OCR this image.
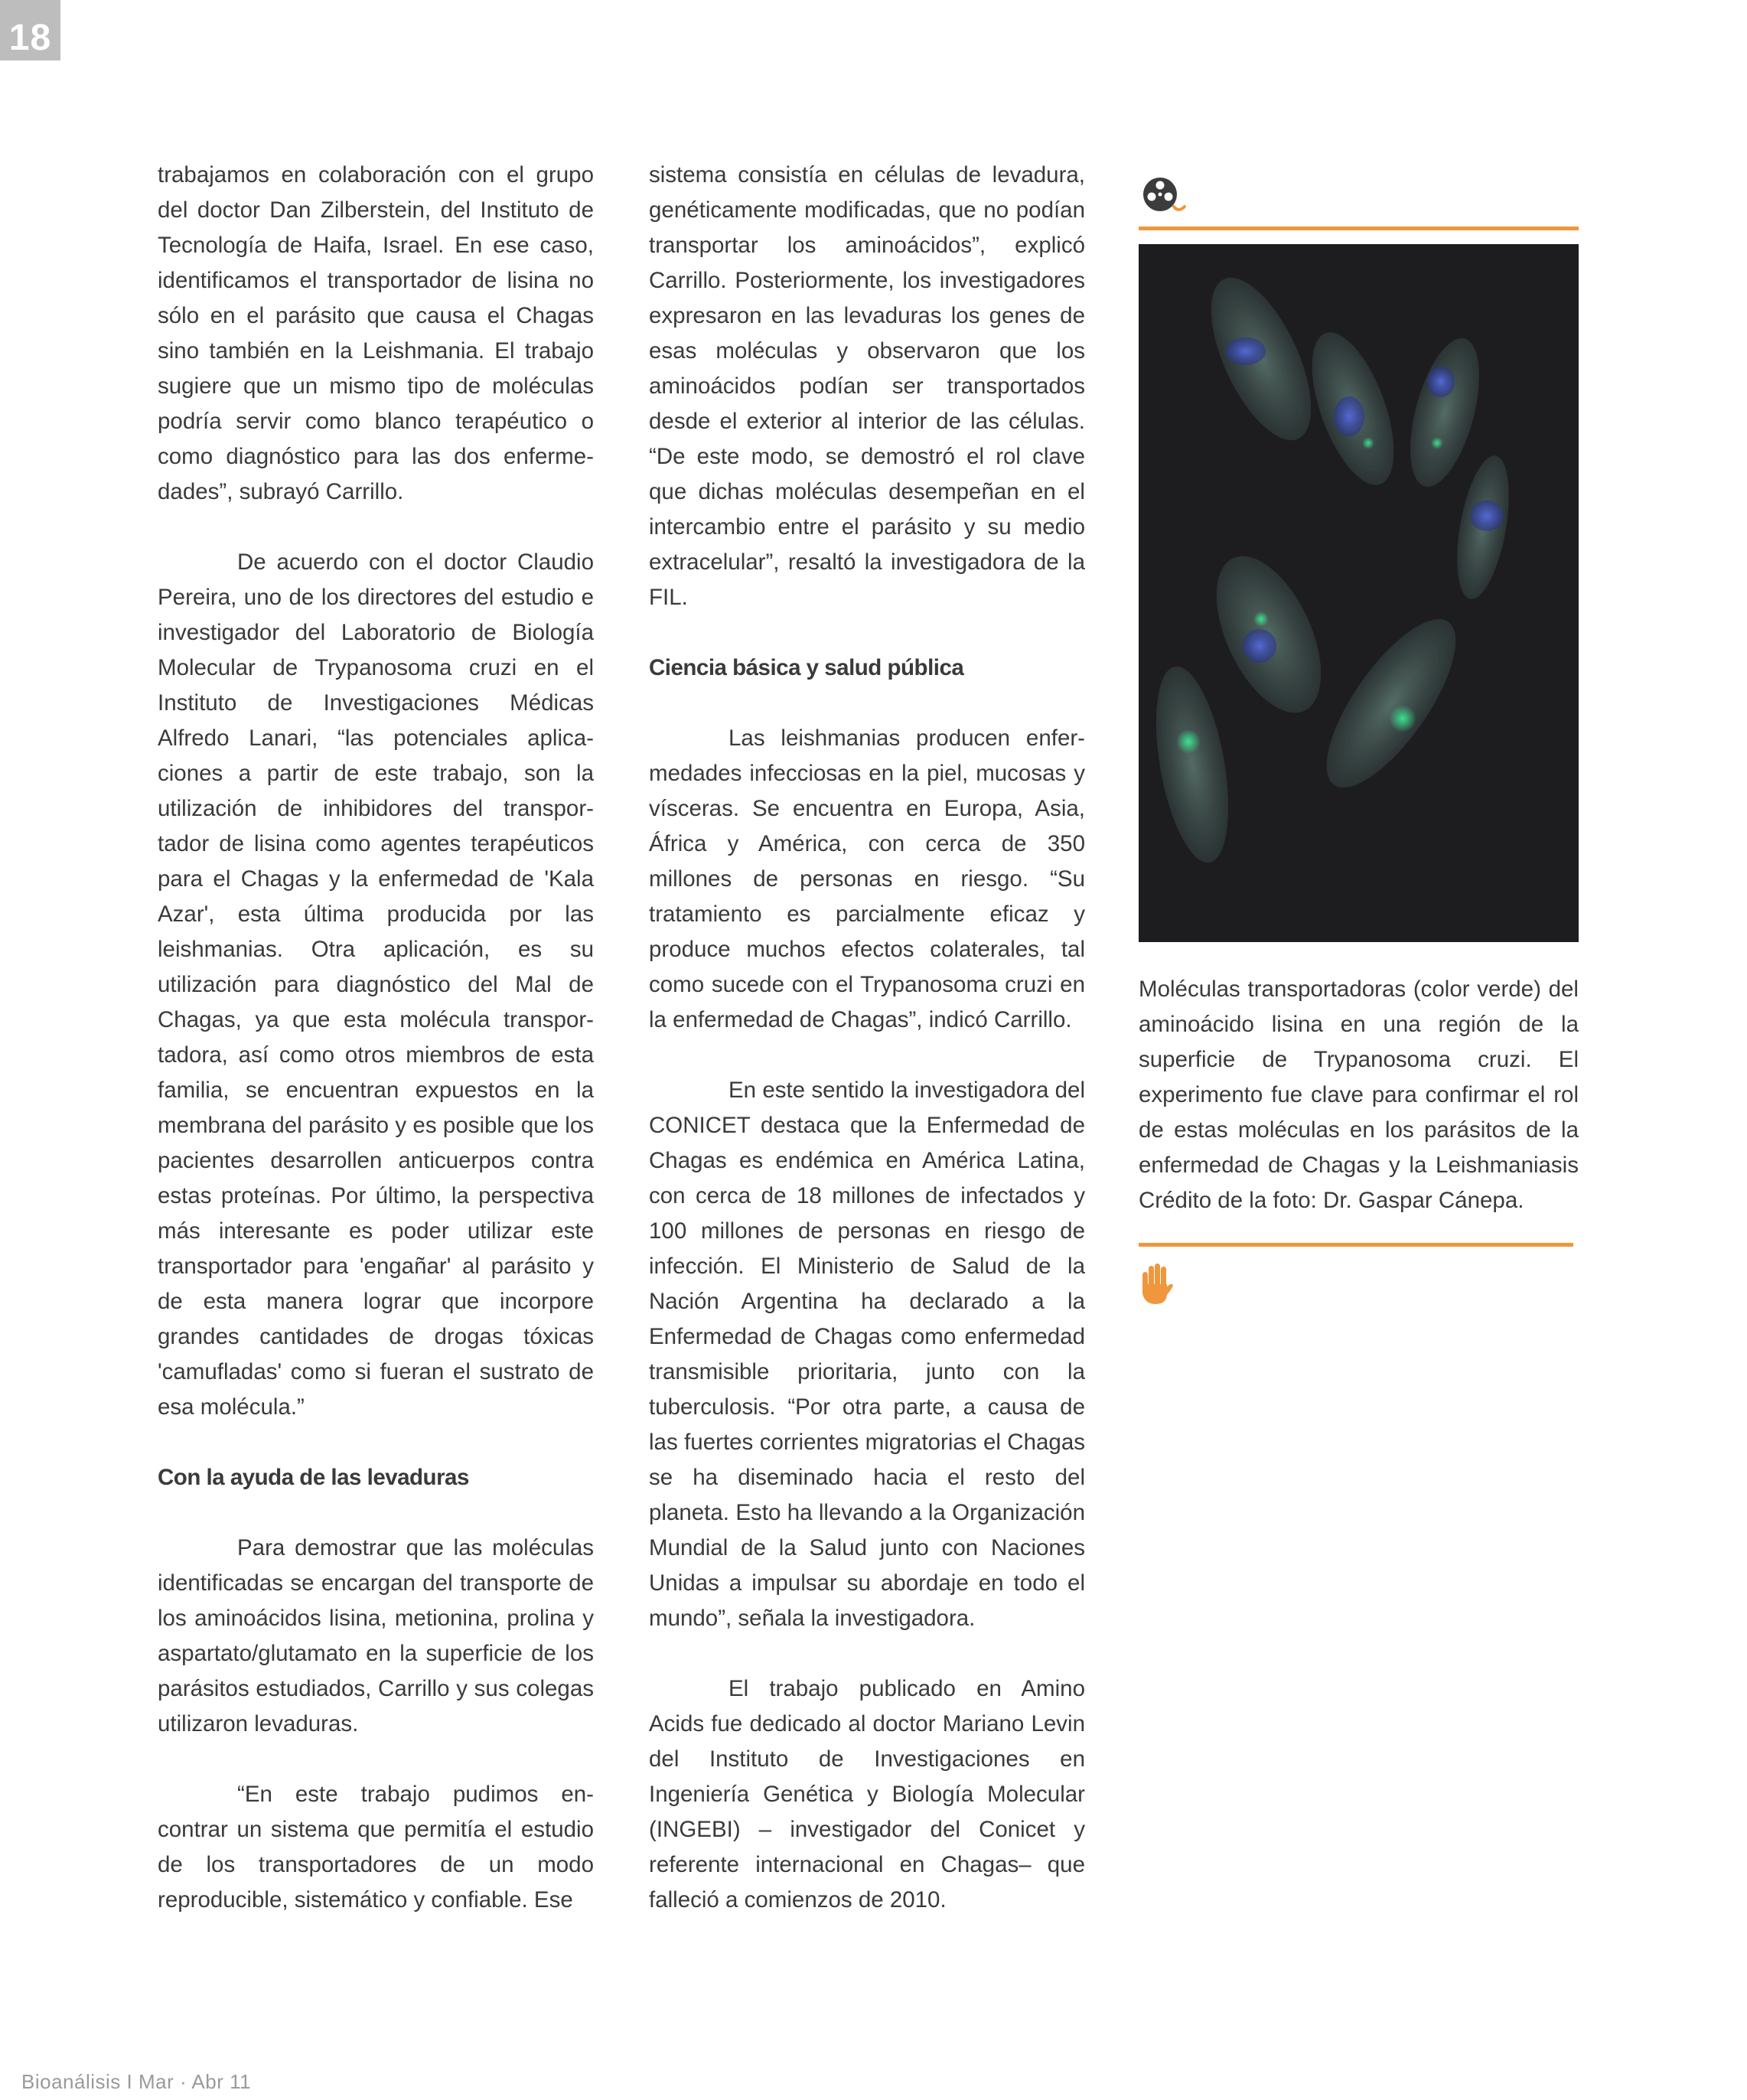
18

trabajamos en colaboración con el grupo del doctor Dan Zilberstein, del Instituto de Tecnología de Haifa, Israel. En ese caso, identificamos el transportador de lisina no sólo en el parásito que causa el Chagas sino también en la Leishmania. El trabajo sugiere que un mismo tipo de moléculas podría servir como blanco terapéutico o como diagnóstico para las dos enferme- dades”, subrayó Carrillo.

De acuerdo con el doctor Claudio Pereira, uno de los directores del estudio e investigador del Laboratorio de Biología Molecular de Trypanosoma cruzi en el Instituto de Investigaciones Médicas Alfredo Lanari, “las potenciales aplica- ciones a partir de este trabajo, son la utilización de inhibidores del transpor- tador de lisina como agentes terapéuticos para el Chagas y la enfermedad de 'Kala Azar', esta última producida por las leishmanias. Otra aplicación, es su utilización para diagnóstico del Mal de Chagas, ya que esta molécula transpor- tadora, así como otros miembros de esta familia, se encuentran expuestos en la membrana del parásito y es posible que los pacientes desarrollen anticuerpos contra estas proteínas. Por último, la perspectiva más interesante es poder utilizar este transportador para 'engañar' al parásito y de esta manera lograr que incorpore grandes cantidades de drogas tóxicas 'camufladas' como si fueran el sustrato de esa molécula.”

Con la ayuda de las levaduras

Para demostrar que las moléculas identificadas se encargan del transporte de los aminoácidos lisina, metionina, prolina y aspartato/glutamato en la superficie de los parásitos estudiados, Carrillo y sus colegas utilizaron levaduras.

“En este trabajo pudimos en- contrar un sistema que permitía el estudio de los transportadores de un modo reproducible, sistemático y confiable. Ese

sistema consistía en células de levadura, genéticamente modificadas, que no podían transportar los aminoácidos”, explicó Carrillo. Posteriormente, los investigadores expresaron en las levaduras los genes de esas moléculas y observaron que los aminoácidos podían ser transportados desde el exterior al interior de las células. “De este modo, se demostró el rol clave que dichas moléculas desempeñan en el intercambio entre el parásito y su medio extracelular”, resaltó la investigadora de la FIL.

Ciencia básica y salud pública

Las leishmanias producen enfer- medades infecciosas en la piel, mucosas y vísceras. Se encuentra en Europa, Asia, África y América, con cerca de 350 millones de personas en riesgo. “Su tratamiento es parcialmente eficaz y produce muchos efectos colaterales, tal como sucede con el Trypanosoma cruzi en la enfermedad de Chagas”, indicó Carrillo.

En este sentido la investigadora del CONICET destaca que la Enfermedad de Chagas es endémica en América Latina, con cerca de 18 millones de infectados y 100 millones de personas en riesgo de infección. El Ministerio de Salud de la Nación Argentina ha declarado a la Enfermedad de Chagas como enfermedad transmisible prioritaria, junto con la tuberculosis. “Por otra parte, a causa de las fuertes corrientes migratorias el Chagas se ha diseminado hacia el resto del planeta. Esto ha llevando a la Organización Mundial de la Salud junto con Naciones Unidas a impulsar su abordaje en todo el mundo”, señala la investigadora.

El trabajo publicado en Amino Acids fue dedicado al doctor Mariano Levin del Instituto de Investigaciones en Ingeniería Genética y Biología Molecular (INGEBI) – investigador del Conicet y referente internacional en Chagas– que falleció a comienzos de 2010.

Moléculas transportadoras (color verde) del aminoácido lisina en una región de la superficie de Trypanosoma cruzi. El experimento fue clave para confirmar el rol de estas moléculas en los parásitos de la enfermedad de Chagas y la Leishmaniasis Crédito de la foto: Dr. Gaspar Cánepa.
Bioanálisis I Mar · Abr 11
